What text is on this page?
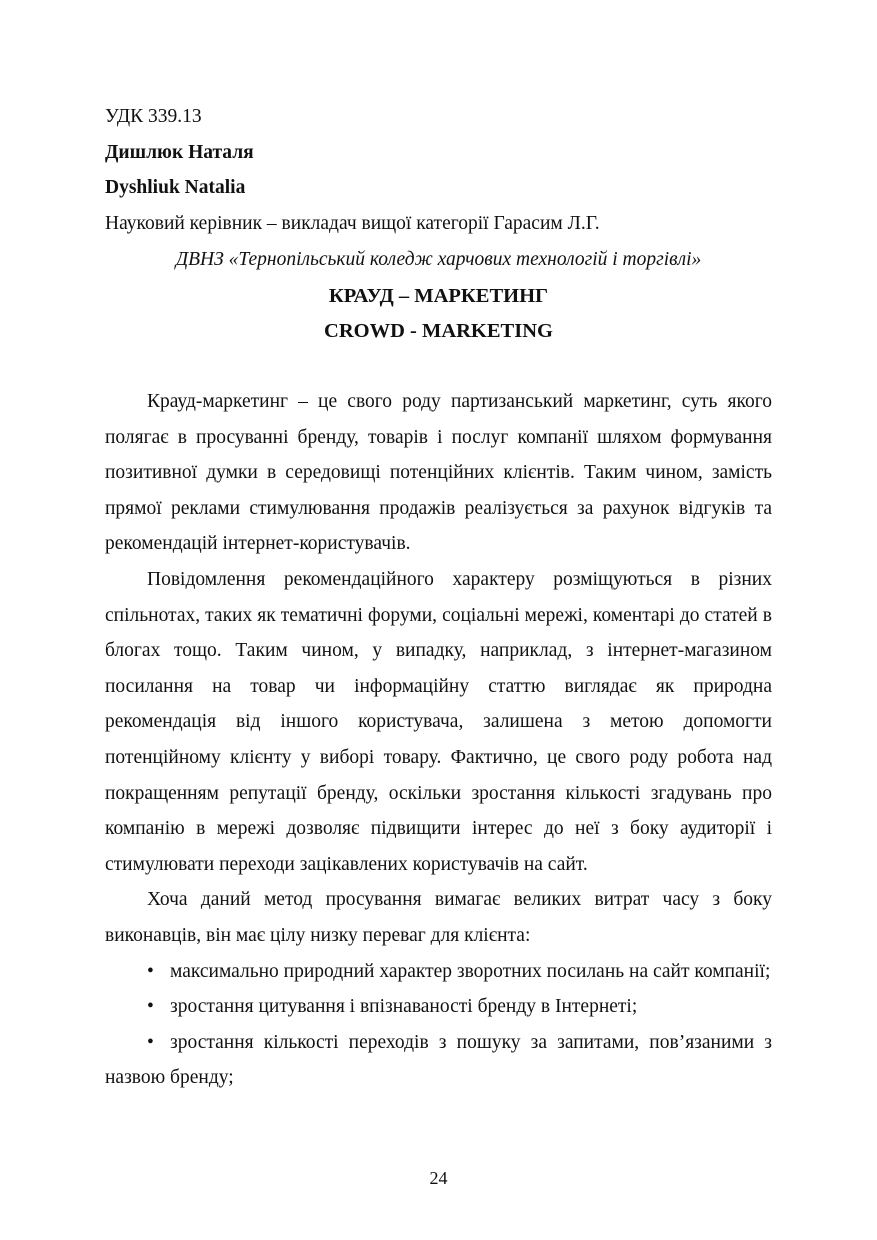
УДК 339.13
Дишлюк Наталя
Dyshliuk Natalia
Науковий керівник – викладач вищої категорії Гарасим Л.Г.
ДВНЗ «Тернопільський коледж харчових технологій і торгівлі»
КРАУД – МАРКЕТИНГ
CROWD - MARKETING

Крауд-маркетинг – це свого роду партизанський маркетинг, суть якого полягає в просуванні бренду, товарів і послуг компанії шляхом формування позитивної думки в середовищі потенційних клієнтів. Таким чином, замість прямої реклами стимулювання продажів реалізується за рахунок відгуків та рекомендацій інтернет-користувачів.

Повідомлення рекомендаційного характеру розміщуються в різних спільнотах, таких як тематичні форуми, соціальні мережі, коментарі до статей в блогах тощо. Таким чином, у випадку, наприклад, з інтернет-магазином посилання на товар чи інформаційну статтю виглядає як природна рекомендація від іншого користувача, залишена з метою допомогти потенційному клієнту у виборі товару. Фактично, це свого роду робота над покращенням репутації бренду, оскільки зростання кількості згадувань про компанію в мережі дозволяє підвищити інтерес до неї з боку аудиторії і стимулювати переходи зацікавлених користувачів на сайт.

Хоча даний метод просування вимагає великих витрат часу з боку виконавців, він має цілу низку переваг для клієнта:

• максимально природний характер зворотних посилань на сайт компанії;

• зростання цитування і впізнаваності бренду в Інтернеті;

• зростання кількості переходів з пошуку за запитами, пов’язаними з назвою бренду;

24
